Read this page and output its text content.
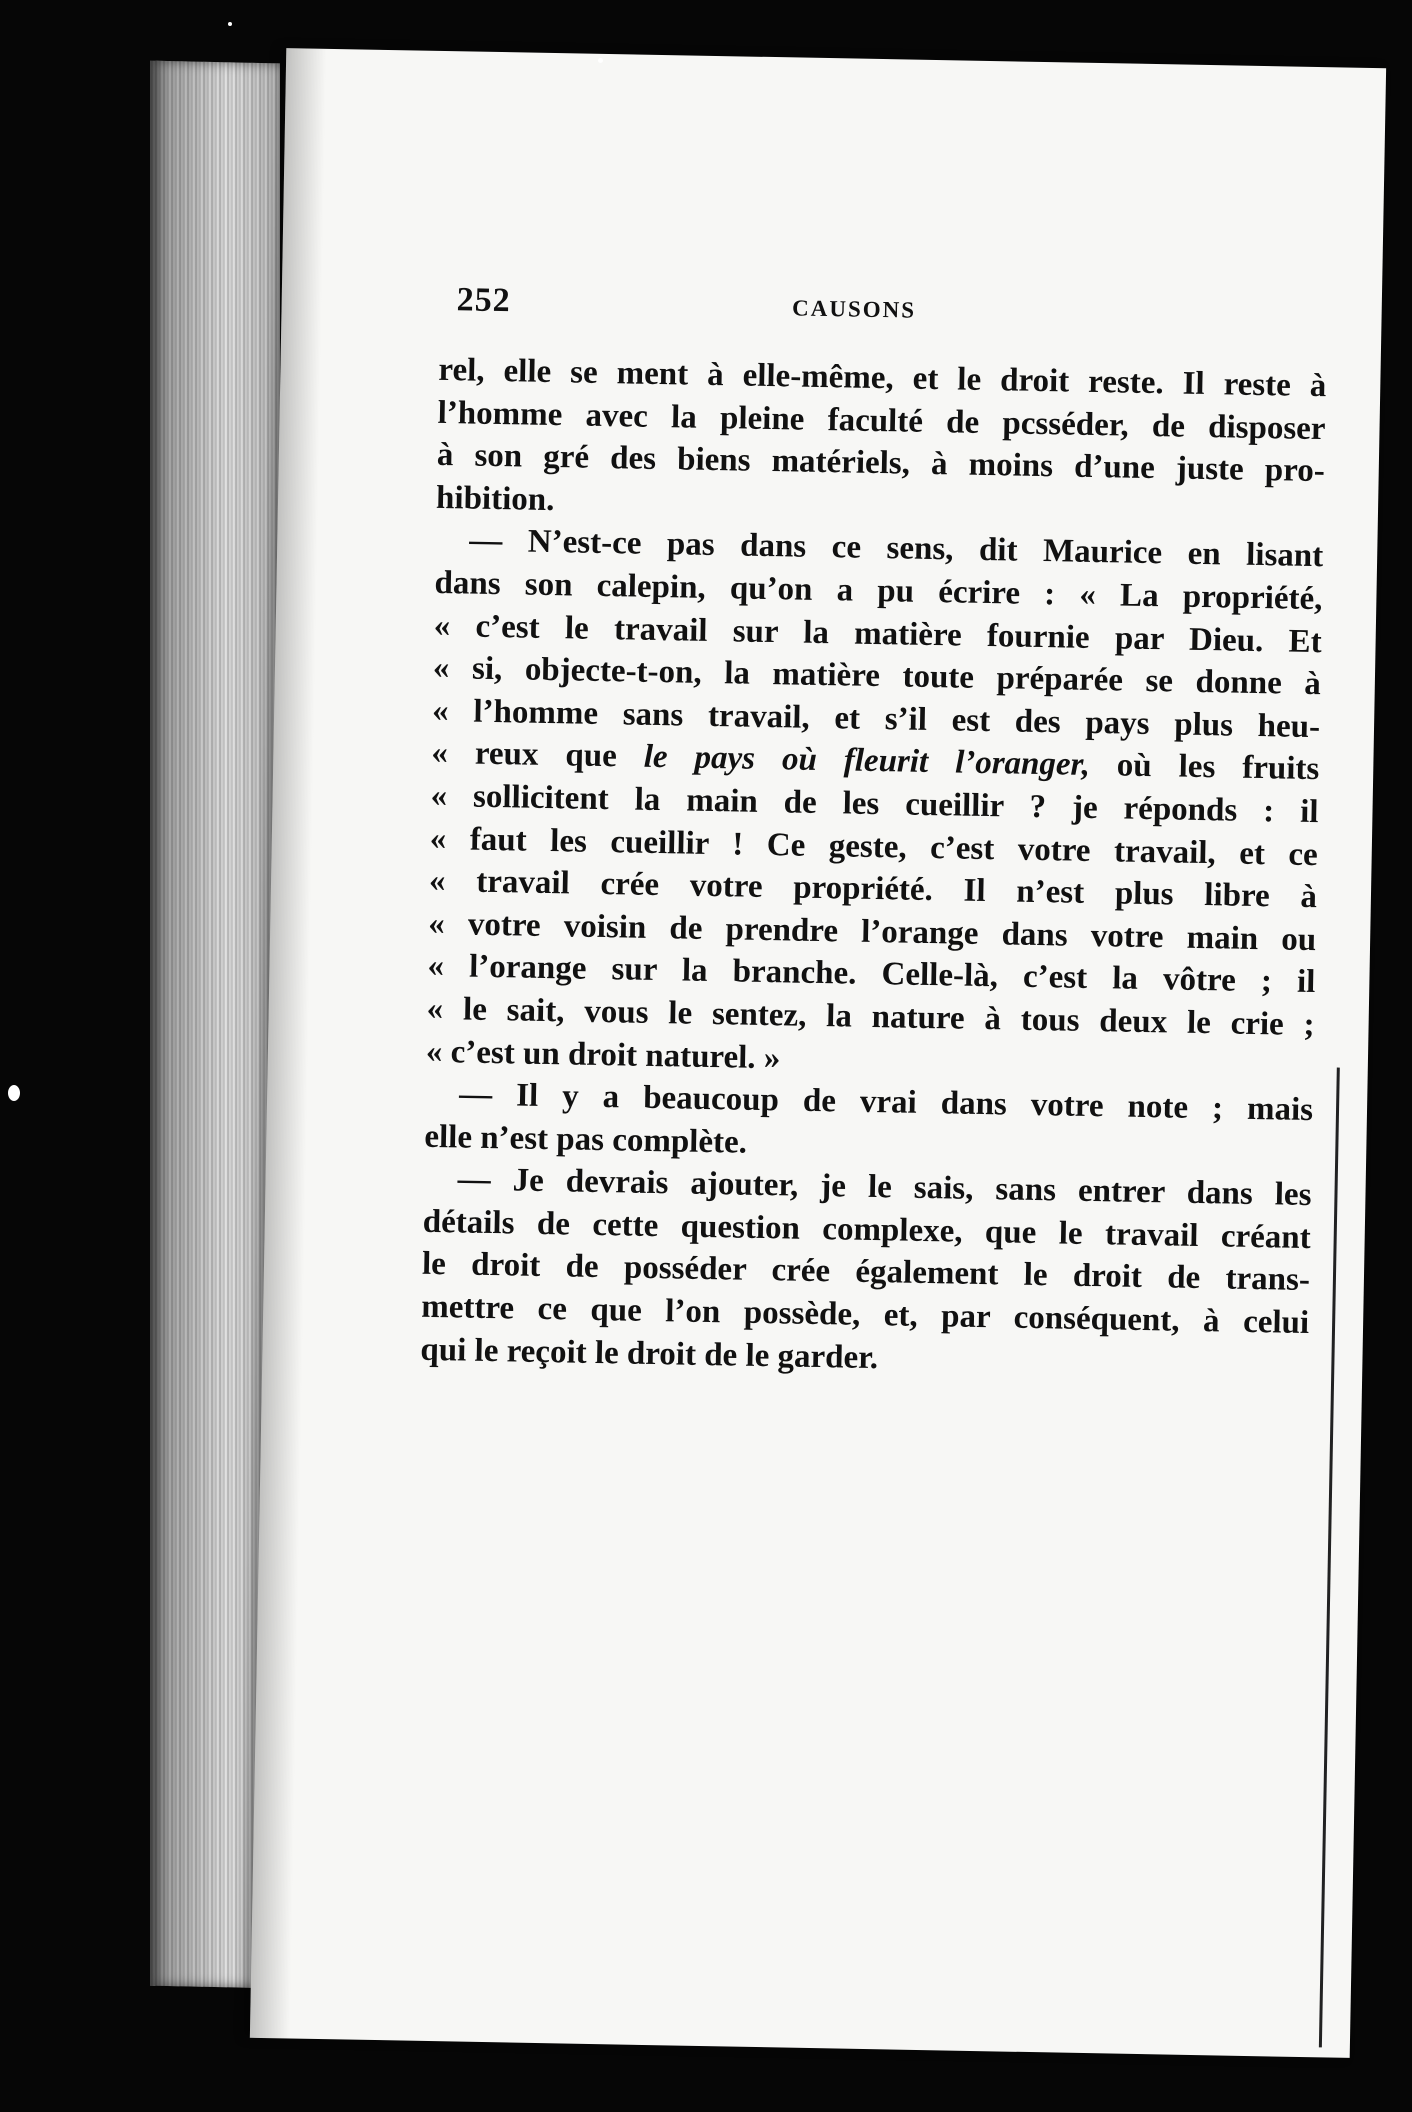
252	CAUSONS

rel, elle se ment à elle-même, et le droit reste. Il reste à
l’homme avec la pleine faculté de pcsséder, de disposer
à son gré des biens matériels, à moins d’une juste pro-
hibition.

— N’est-ce pas dans ce sens, dit Maurice en lisant
dans son calepin, qu’on a pu écrire : « La propriété,
« c’est le travail sur la matière fournie par Dieu. Et
« si, objecte-t-on, la matière toute préparée se donne à
« l’homme sans travail, et s’il est des pays plus heu-
« reux que le pays où fleurit l’oranger, où les fruits
« sollicitent la main de les cueillir ? je réponds : il
« faut les cueillir ! Ce geste, c’est votre travail, et ce
« travail crée votre propriété. Il n’est plus libre à
« votre voisin de prendre l’orange dans votre main ou
« l’orange sur la branche. Celle-là, c’est la vôtre ; il
« le sait, vous le sentez, la nature à tous deux le crie ;
« c’est un droit naturel. »

— Il y a beaucoup de vrai dans votre note ; mais
elle n’est pas complète.

— Je devrais ajouter, je le sais, sans entrer dans les
détails de cette question complexe, que le travail créant
le droit de posséder crée également le droit de trans-
mettre ce que l’on possède, et, par conséquent, à celui
qui le reçoit le droit de le garder.
